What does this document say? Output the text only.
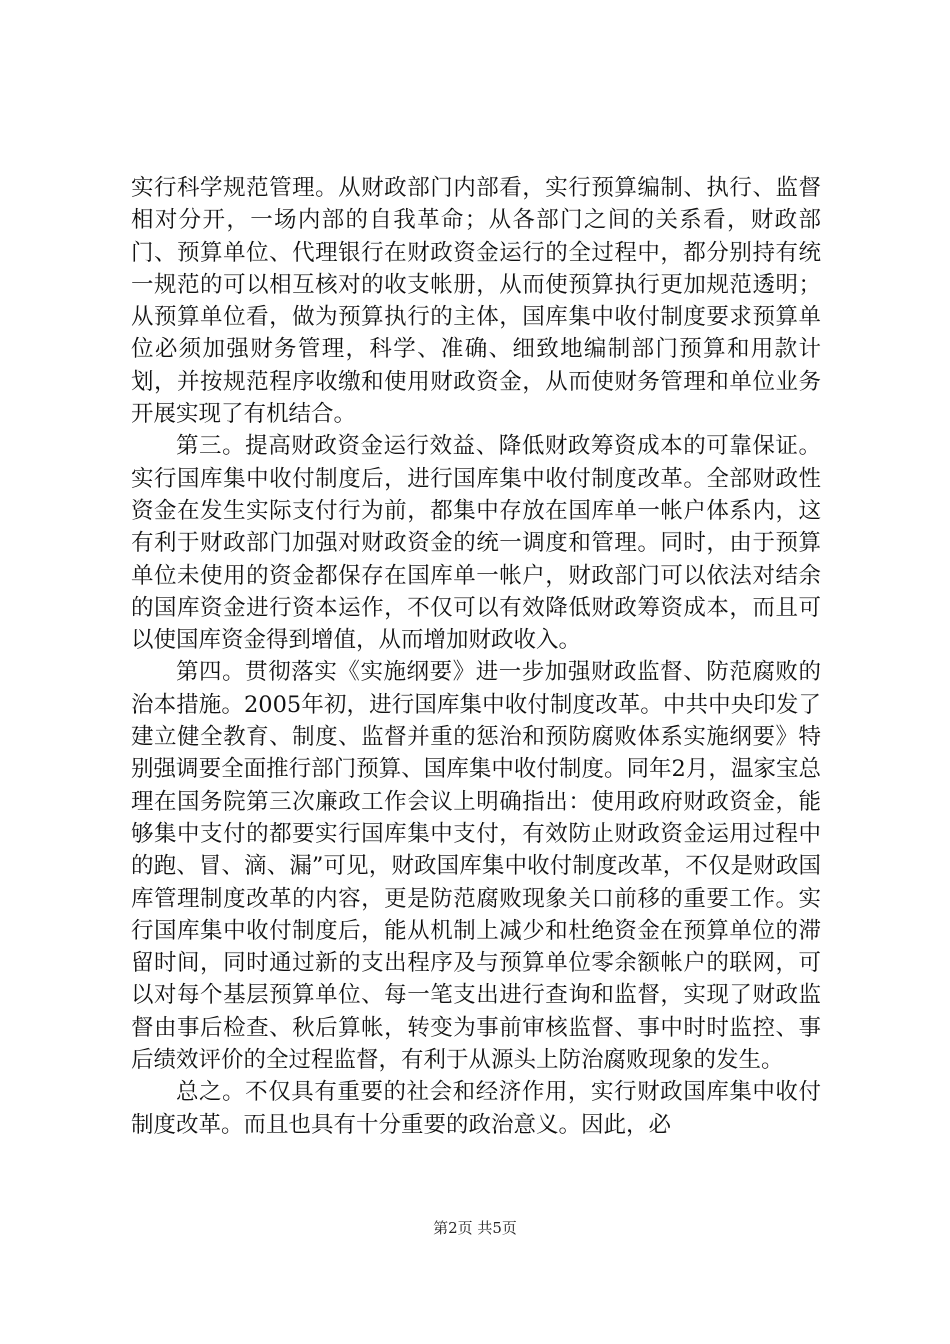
实行科学规范管理。从财政部门内部看，实行预算编制、执行、监督相对分开，一场内部的自我革命；从各部门之间的关系看，财政部门、预算单位、代理银行在财政资金运行的全过程中，都分别持有统一规范的可以相互核对的收支帐册，从而使预算执行更加规范透明；从预算单位看，做为预算执行的主体，国库集中收付制度要求预算单位必须加强财务管理，科学、准确、细致地编制部门预算和用款计划，并按规范程序收缴和使用财政资金，从而使财务管理和单位业务开展实现了有机结合。

第三。提高财政资金运行效益、降低财政筹资成本的可靠保证。实行国库集中收付制度后，进行国库集中收付制度改革。全部财政性资金在发生实际支付行为前，都集中存放在国库单一帐户体系内，这有利于财政部门加强对财政资金的统一调度和管理。同时，由于预算单位未使用的资金都保存在国库单一帐户，财政部门可以依法对结余的国库资金进行资本运作，不仅可以有效降低财政筹资成本，而且可以使国库资金得到增值，从而增加财政收入。

第四。贯彻落实《实施纲要》进一步加强财政监督、防范腐败的治本措施。2005年初，进行国库集中收付制度改革。中共中央印发了建立健全教育、制度、监督并重的惩治和预防腐败体系实施纲要》特别强调要全面推行部门预算、国库集中收付制度。同年2月，温家宝总理在国务院第三次廉政工作会议上明确指出：使用政府财政资金，能够集中支付的都要实行国库集中支付，有效防止财政资金运用过程中的跑、冒、滴、漏”可见，财政国库集中收付制度改革，不仅是财政国库管理制度改革的内容，更是防范腐败现象关口前移的重要工作。实行国库集中收付制度后，能从机制上减少和杜绝资金在预算单位的滞留时间，同时通过新的支出程序及与预算单位零余额帐户的联网，可以对每个基层预算单位、每一笔支出进行查询和监督，实现了财政监督由事后检查、秋后算帐，转变为事前审核监督、事中时时监控、事后绩效评价的全过程监督，有利于从源头上防治腐败现象的发生。

总之。不仅具有重要的社会和经济作用，实行财政国库集中收付制度改革。而且也具有十分重要的政治意义。因此，必

第2页 共5页
